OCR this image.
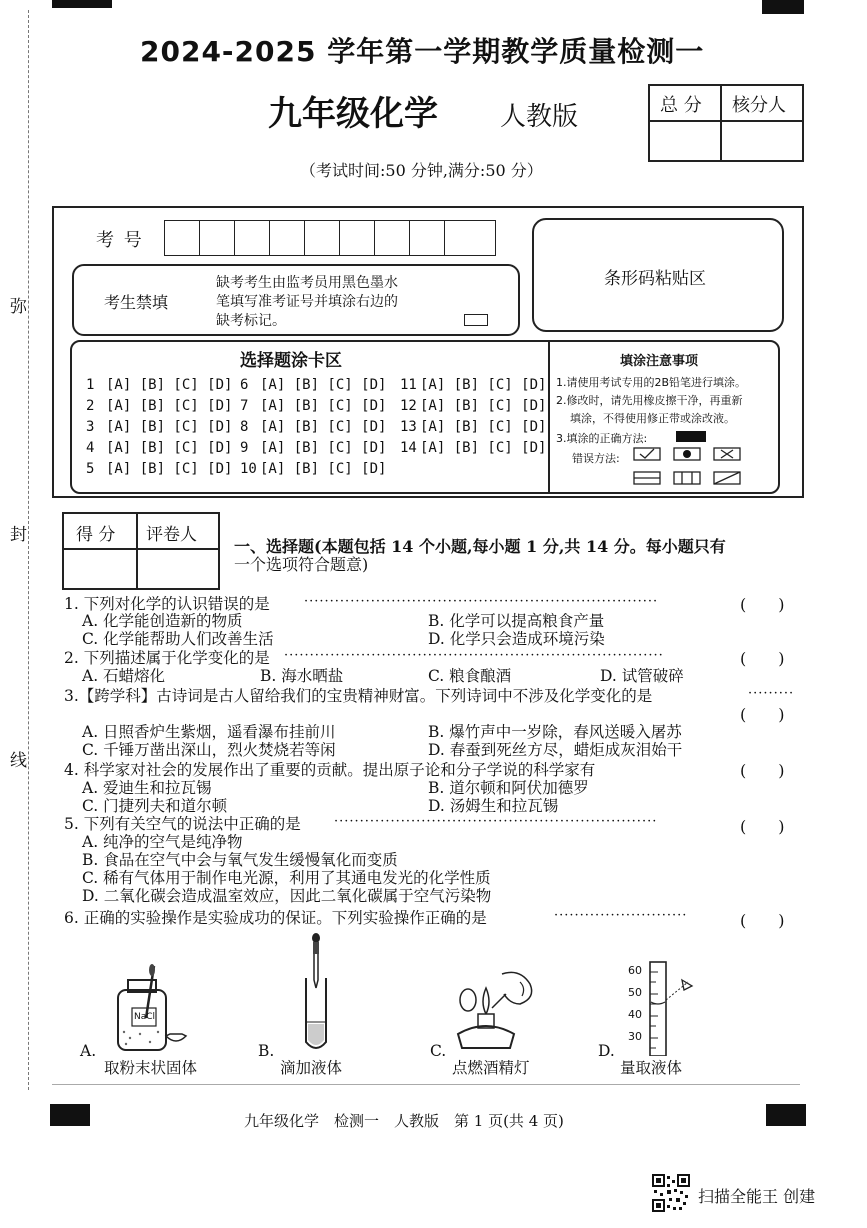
弥
封
线
2024-2025 学年第一学期教学质量检测一
九年级化学 人教版
（考试时间:50 分钟,满分:50 分）
总 分 核分人
考 号
考生禁填
缺考考生由监考员用黑色墨水
笔填写准考证号并填涂右边的
缺考标记。
条形码粘贴区
选择题涂卡区
1 [A] [B] [C] [D] 6 [A] [B] [C] [D] 11 [A] [B] [C] [D]
2 [A] [B] [C] [D] 7 [A] [B] [C] [D] 12 [A] [B] [C] [D]
3 [A] [B] [C] [D] 8 [A] [B] [C] [D] 13 [A] [B] [C] [D]
4 [A] [B] [C] [D] 9 [A] [B] [C] [D] 14 [A] [B] [C] [D]
5 [A] [B] [C] [D] 10 [A] [B] [C] [D]
填涂注意事项
1.请使用考试专用的2B铅笔进行填涂。
2.修改时，请先用橡皮擦干净，再重新
填涂，不得使用修正带或涂改液。
3.填涂的正确方法:
错误方法:
得 分 评卷人
一、选择题(本题包括 14 个小题,每小题 1 分,共 14 分。每小题只有
一个选项符合题意)
1. 下列对化学的认识错误的是	·····································································	(　　)
A. 化学能创造新的物质	B. 化学可以提高粮食产量
C. 化学能帮助人们改善生活	D. 化学只会造成环境污染
2. 下列描述属于化学变化的是 ··········································································	(　　)
A. 石蜡熔化	B. 海水晒盐	C. 粮食酿酒	D. 试管破碎
3.【跨学科】古诗词是古人留给我们的宝贵精神财富。下列诗词中不涉及化学变化的是	·········
(　　)
A. 日照香炉生紫烟，遥看瀑布挂前川	B. 爆竹声中一岁除，春风送暖入屠苏
C. 千锤万凿出深山，烈火焚烧若等闲	D. 春蚕到死丝方尽，蜡炬成灰泪始干
4. 科学家对社会的发展作出了重要的贡献。提出原子论和分子学说的科学家有	(　　)
A. 爱迪生和拉瓦锡	B. 道尔顿和阿伏加德罗
C. 门捷列夫和道尔顿	D. 汤姆生和拉瓦锡
5. 下列有关空气的说法中正确的是	·······························································	(　　)
A. 纯净的空气是纯净物
B. 食品在空气中会与氧气发生缓慢氧化而变质
C. 稀有气体用于制作电光源，利用了其通电发光的化学性质
D. 二氧化碳会造成温室效应，因此二氧化碳属于空气污染物
6. 正确的实验操作是实验成功的保证。下列实验操作正确的是	··························	(　　)
NaCl
60
50
40
30
A.
取粉末状固体
B.
滴加液体
C.
点燃酒精灯
D.
量取液体
九年级化学　检测一　人教版　第 1 页(共 4 页)
扫描全能王 创建
